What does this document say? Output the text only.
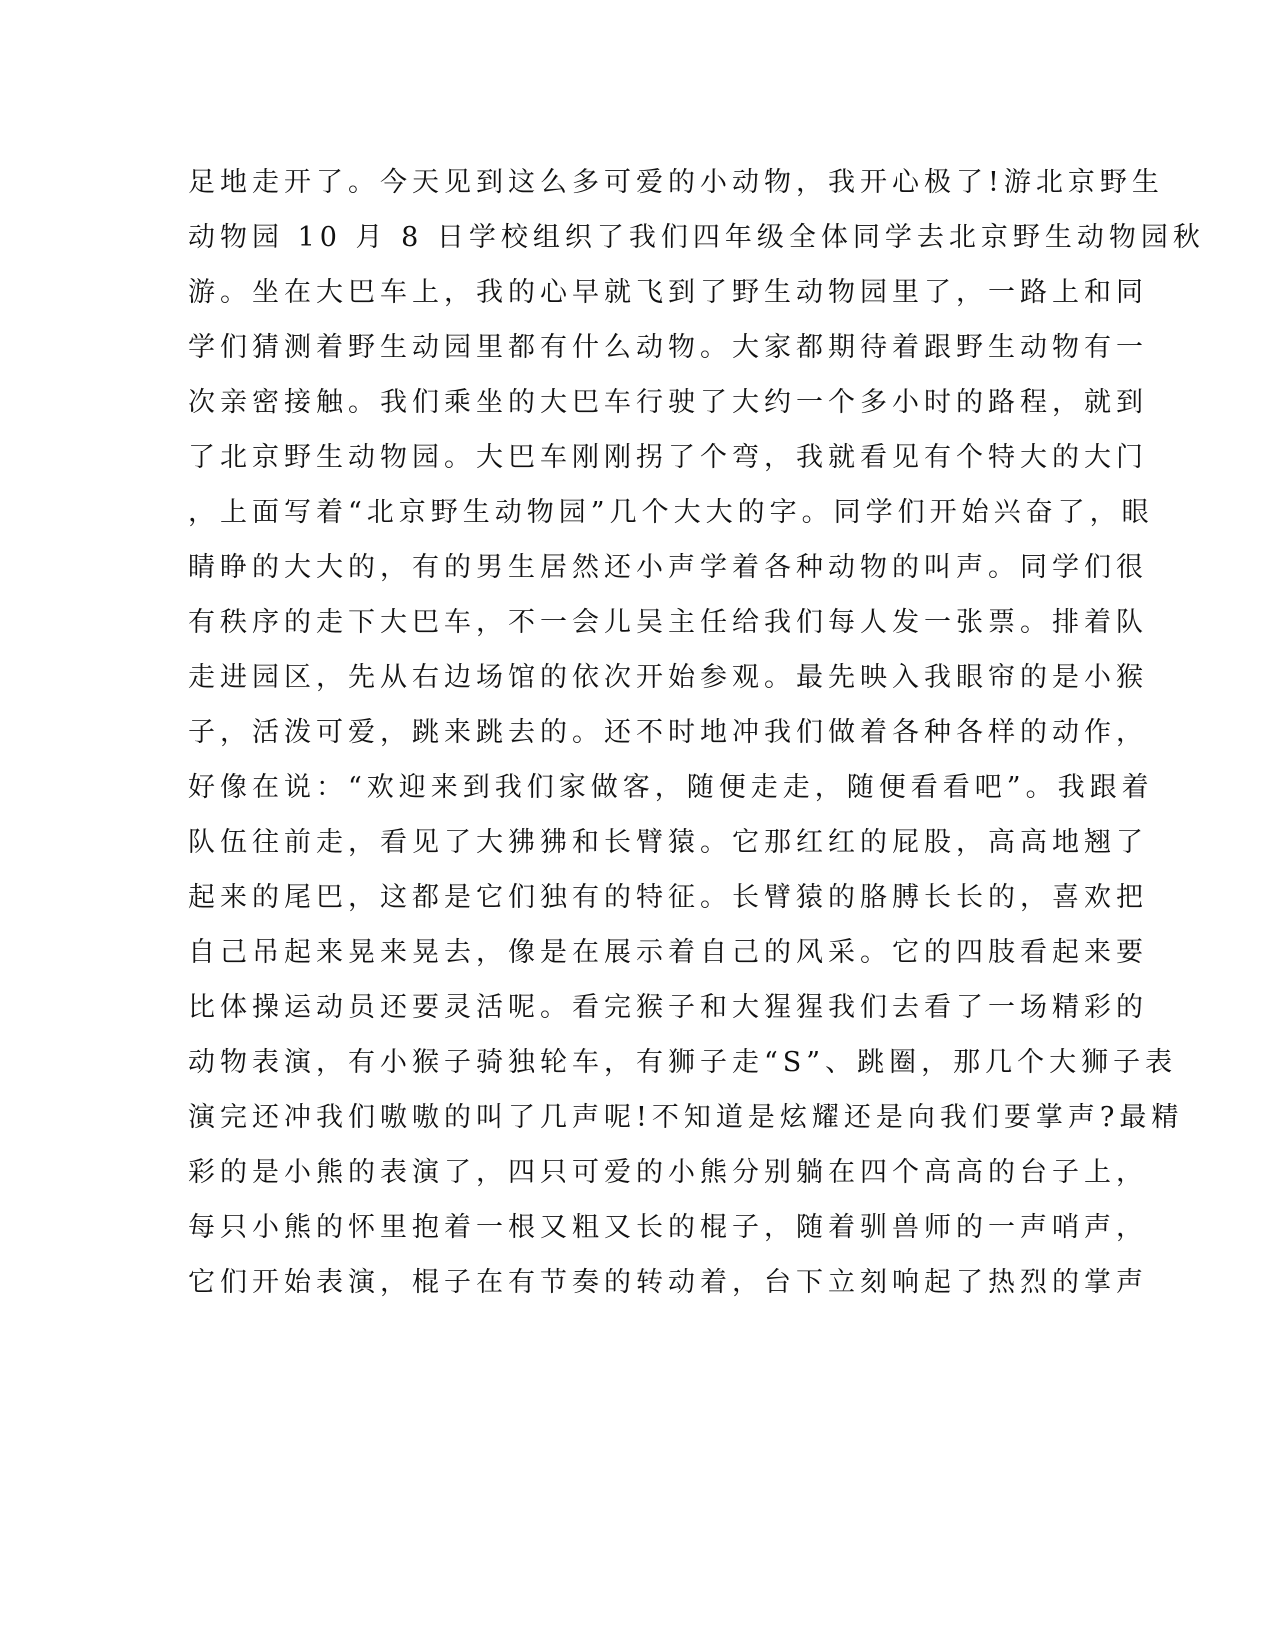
足地走开了。今天见到这么多可爱的小动物，我开心极了!游北京野生
动物园 10 月 8 日学校组织了我们四年级全体同学去北京野生动物园秋
游。坐在大巴车上，我的心早就飞到了野生动物园里了，一路上和同
学们猜测着野生动园里都有什么动物。大家都期待着跟野生动物有一
次亲密接触。我们乘坐的大巴车行驶了大约一个多小时的路程，就到
了北京野生动物园。大巴车刚刚拐了个弯，我就看见有个特大的大门
，上面写着“北京野生动物园”几个大大的字。同学们开始兴奋了，眼
睛睁的大大的，有的男生居然还小声学着各种动物的叫声。同学们很
有秩序的走下大巴车，不一会儿吴主任给我们每人发一张票。排着队
走进园区，先从右边场馆的依次开始参观。最先映入我眼帘的是小猴
子，活泼可爱，跳来跳去的。还不时地冲我们做着各种各样的动作，
好像在说：“欢迎来到我们家做客，随便走走，随便看看吧”。我跟着
队伍往前走，看见了大狒狒和长臂猿。它那红红的屁股，高高地翘了
起来的尾巴，这都是它们独有的特征。长臂猿的胳膊长长的，喜欢把
自己吊起来晃来晃去，像是在展示着自己的风采。它的四肢看起来要
比体操运动员还要灵活呢。看完猴子和大猩猩我们去看了一场精彩的
动物表演，有小猴子骑独轮车，有狮子走“S”、跳圈，那几个大狮子表
演完还冲我们嗷嗷的叫了几声呢!不知道是炫耀还是向我们要掌声?最精
彩的是小熊的表演了，四只可爱的小熊分别躺在四个高高的台子上，
每只小熊的怀里抱着一根又粗又长的棍子，随着驯兽师的一声哨声，
它们开始表演，棍子在有节奏的转动着，台下立刻响起了热烈的掌声
